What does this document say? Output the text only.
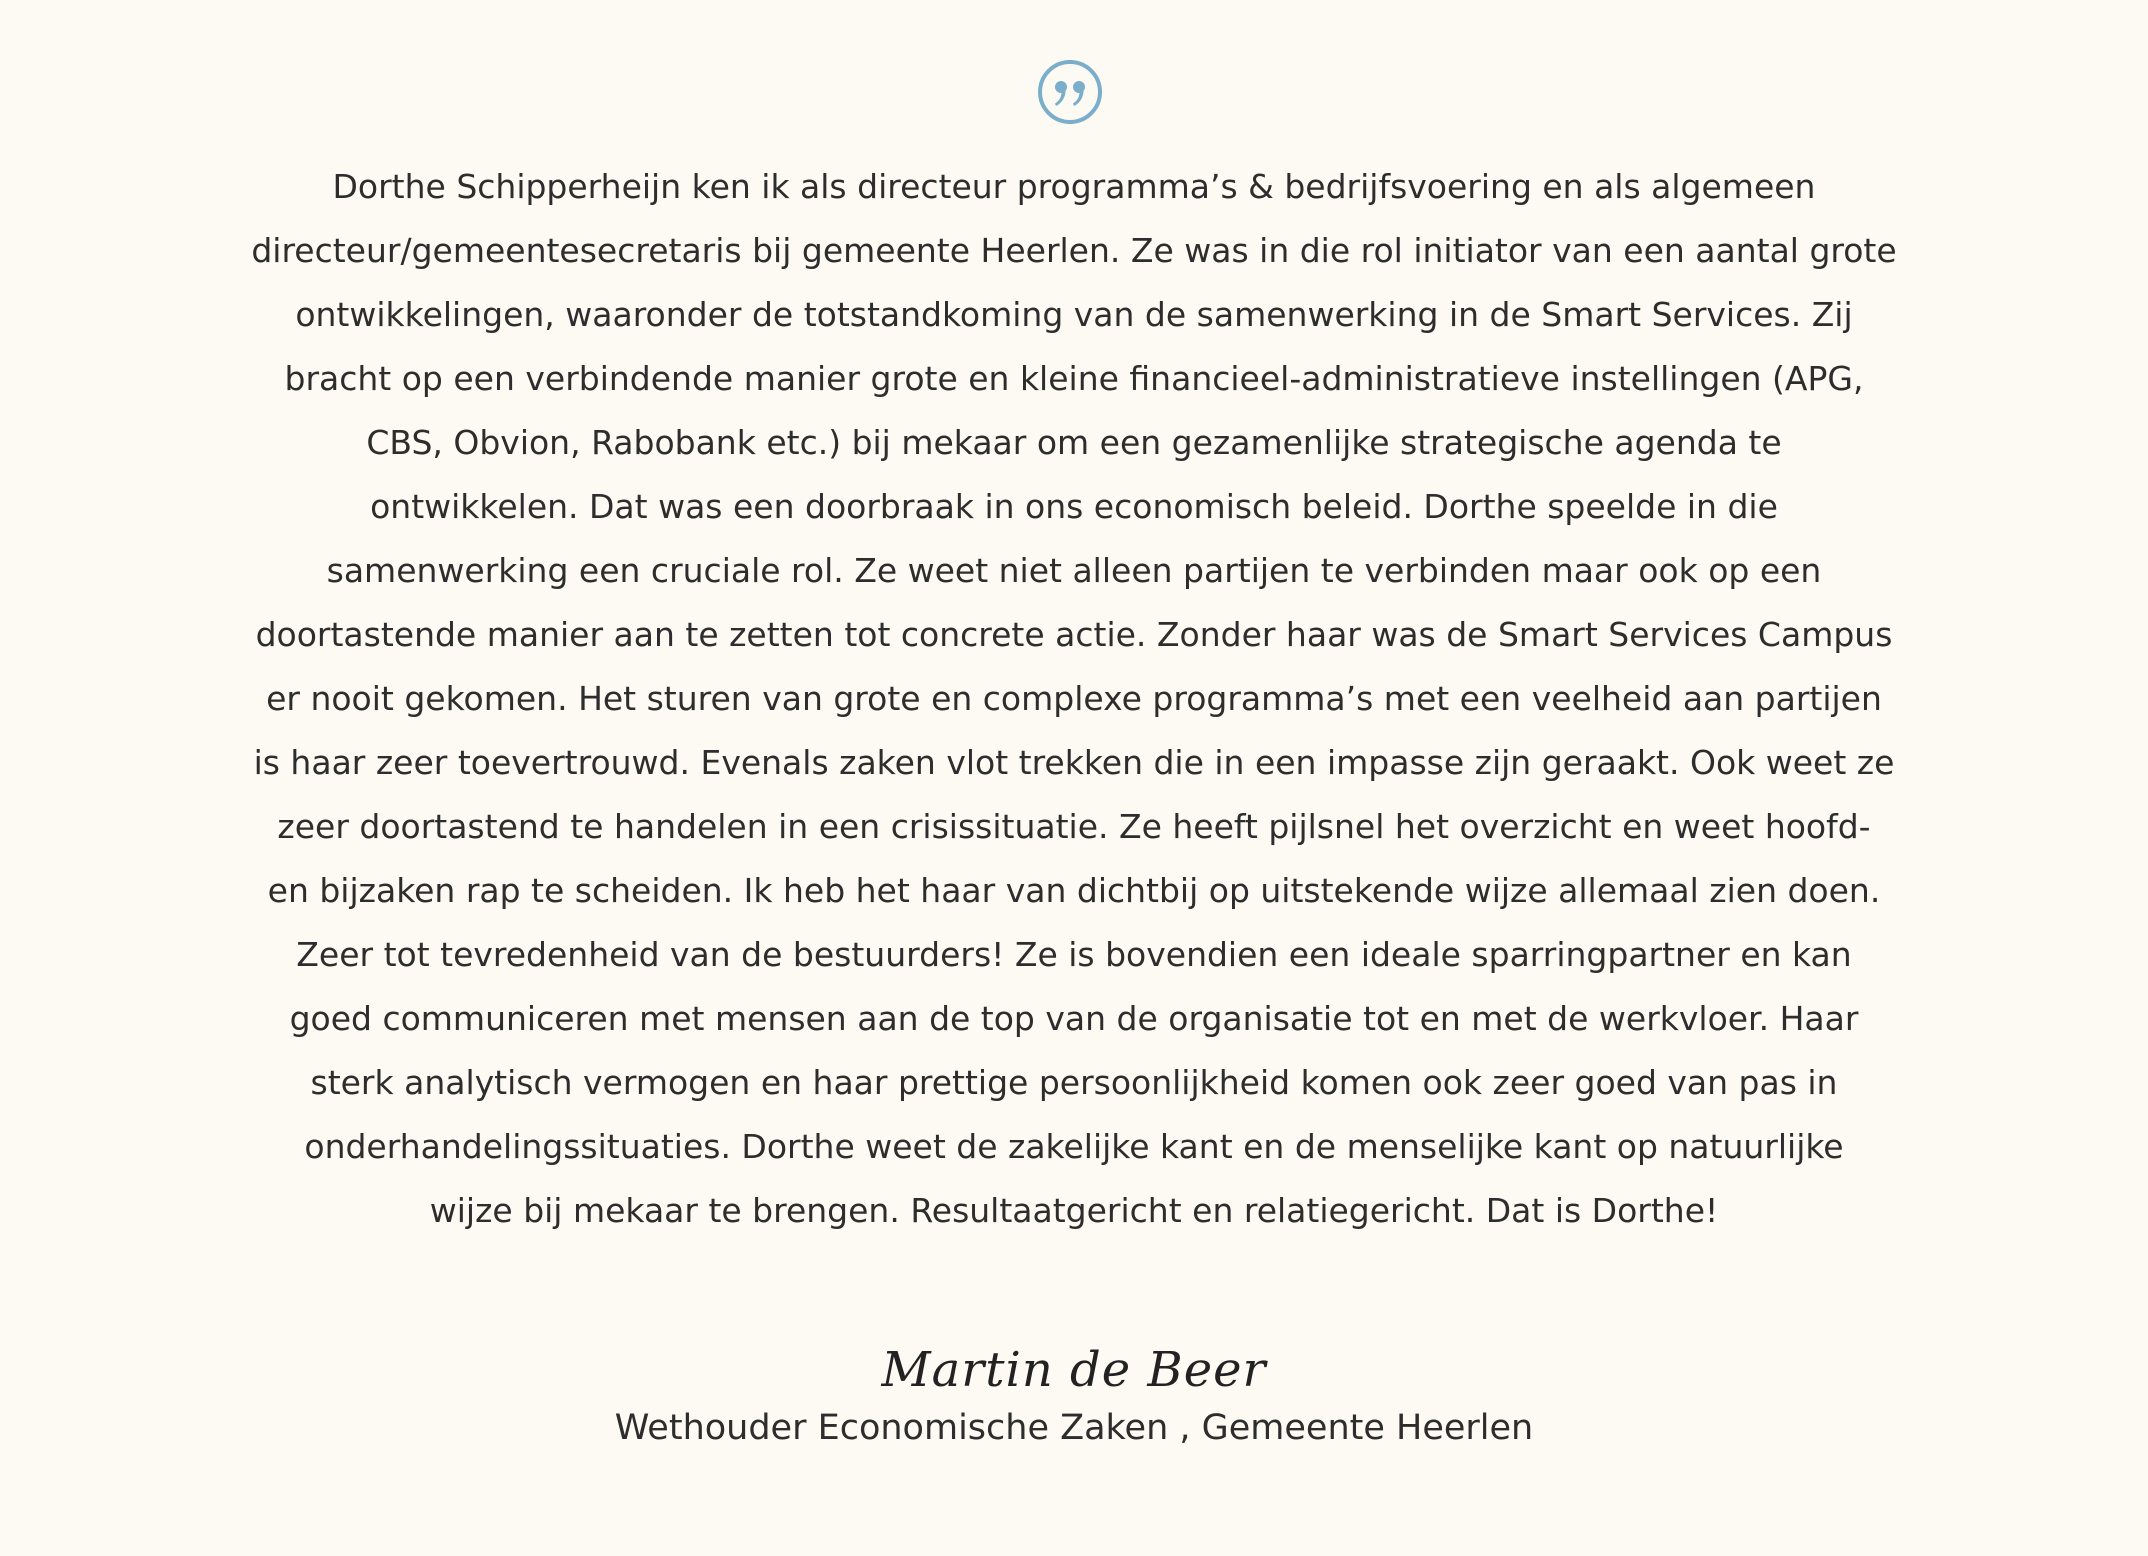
Dorthe Schipperheijn ken ik als directeur programma’s & bedrijfsvoering en als algemeen
directeur/gemeentesecretaris bij gemeente Heerlen. Ze was in die rol initiator van een aantal grote
ontwikkelingen, waaronder de totstandkoming van de samenwerking in de Smart Services. Zij
bracht op een verbindende manier grote en kleine financieel-administratieve instellingen (APG,
CBS, Obvion, Rabobank etc.) bij mekaar om een gezamenlijke strategische agenda te
ontwikkelen. Dat was een doorbraak in ons economisch beleid. Dorthe speelde in die
samenwerking een cruciale rol. Ze weet niet alleen partijen te verbinden maar ook op een
doortastende manier aan te zetten tot concrete actie. Zonder haar was de Smart Services Campus
er nooit gekomen. Het sturen van grote en complexe programma’s met een veelheid aan partijen
is haar zeer toevertrouwd. Evenals zaken vlot trekken die in een impasse zijn geraakt. Ook weet ze
zeer doortastend te handelen in een crisissituatie. Ze heeft pijlsnel het overzicht en weet hoofd-
en bijzaken rap te scheiden. Ik heb het haar van dichtbij op uitstekende wijze allemaal zien doen.
Zeer tot tevredenheid van de bestuurders! Ze is bovendien een ideale sparringpartner en kan
goed communiceren met mensen aan de top van de organisatie tot en met de werkvloer. Haar
sterk analytisch vermogen en haar prettige persoonlijkheid komen ook zeer goed van pas in
onderhandelingssituaties. Dorthe weet de zakelijke kant en de menselijke kant op natuurlijke
wijze bij mekaar te brengen. Resultaatgericht en relatiegericht. Dat is Dorthe!

Martin de Beer
Wethouder Economische Zaken , Gemeente Heerlen
